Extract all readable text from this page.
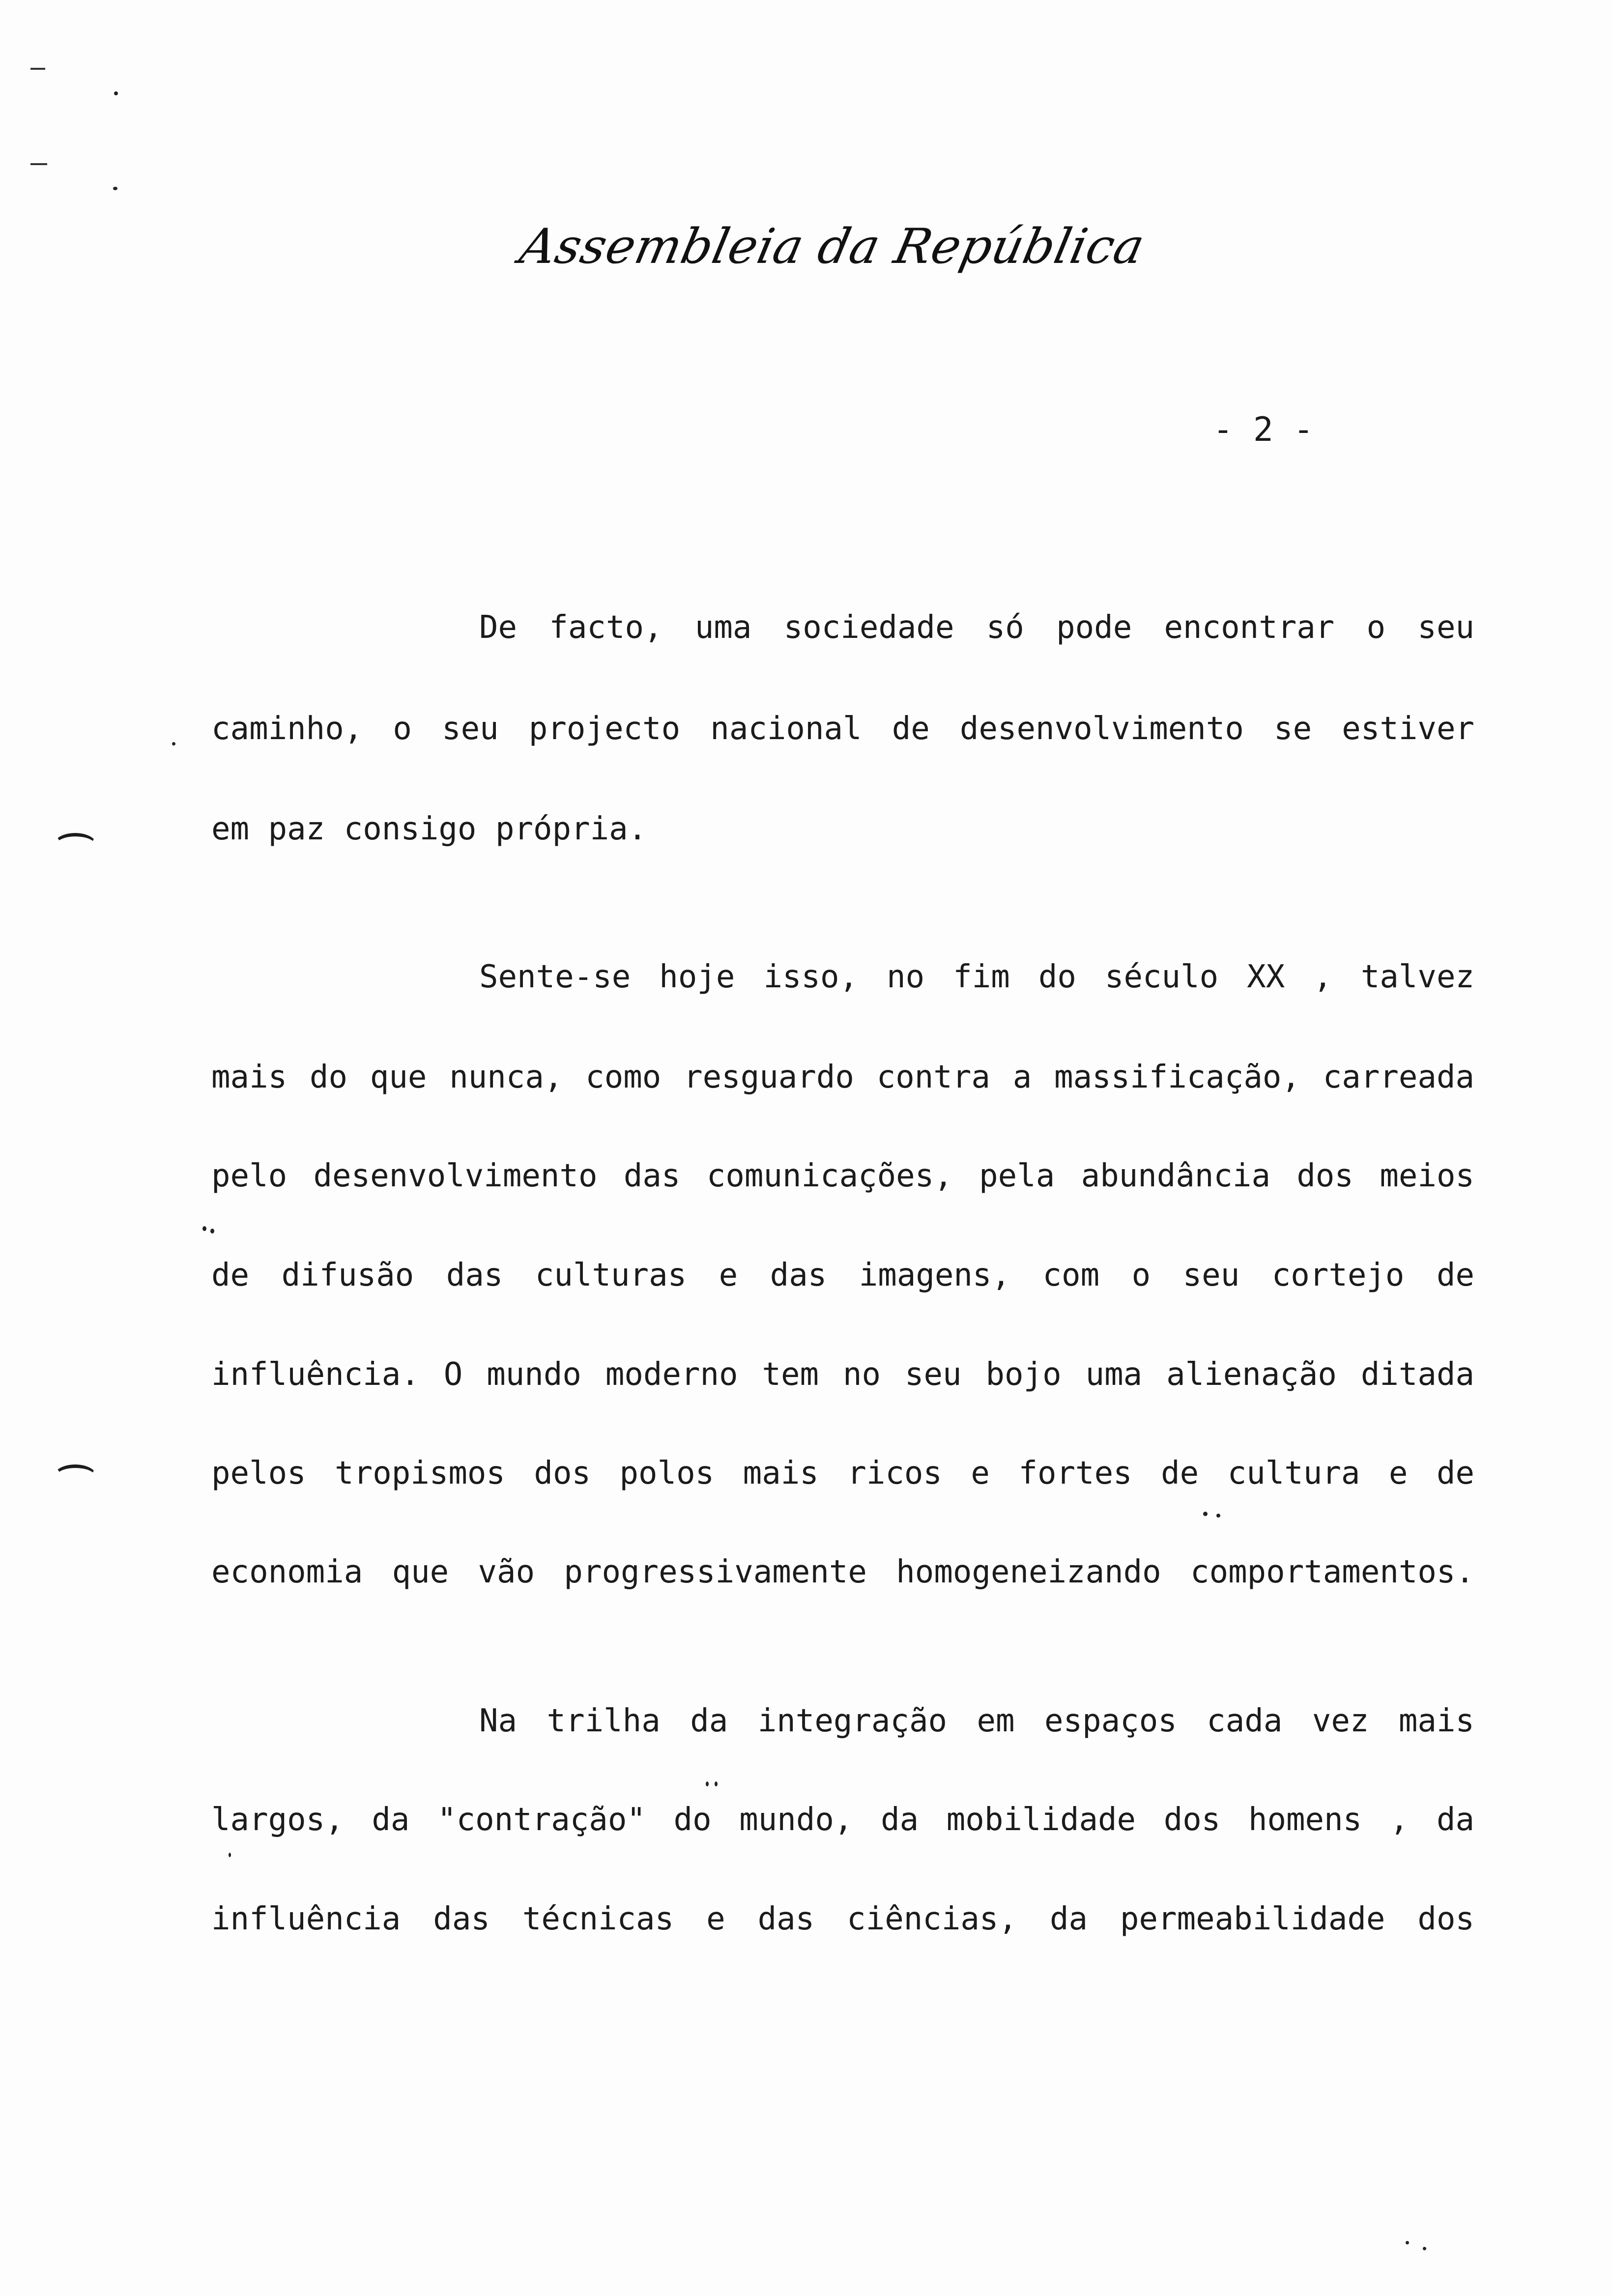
Assembleia da República
- 2 -
De facto, uma sociedade só pode encontrar o seu
caminho, o seu projecto nacional de desenvolvimento se estiver
em paz consigo própria.
Sente-se hoje isso, no fim do século XX , talvez
mais do que nunca, como resguardo contra a massificação, carreada
pelo desenvolvimento das comunicações, pela abundância dos meios
de difusão das culturas e das imagens, com o seu cortejo de
influência. O mundo moderno tem no seu bojo uma alienação ditada
pelos tropismos dos polos mais ricos e fortes de cultura e de
economia que vão progressivamente homogeneizando comportamentos.
Na trilha da integração em espaços cada vez mais
largos, da "contração" do mundo, da mobilidade dos homens , da
influência das técnicas e das ciências, da permeabilidade dos
